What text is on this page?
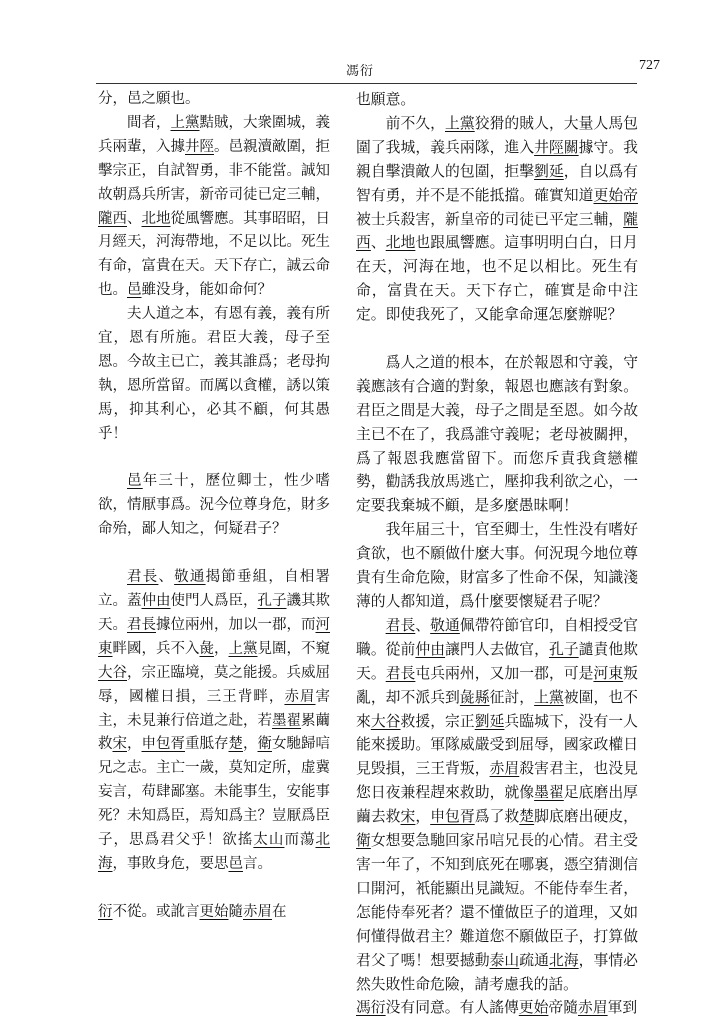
馮衍	727

分，邑之願也。

間者，上黨黠賊，大衆圍城，義兵兩輩，入據井陘。邑親瀆敵圍，拒擊宗正，自試智勇，非不能當。誠知故朝爲兵所害，新帝司徒已定三輔，隴西、北地從風響應。其事昭昭，日月經天，河海帶地，不足以比。死生有命，富貴在天。天下存亡，誠云命也。邑雖没身，能如命何？

夫人道之本，有恩有義，義有所宜，恩有所施。君臣大義，母子至恩。今故主已亡，義其誰爲；老母拘執，恩所當留。而厲以貪權，誘以策馬，抑其利心，必其不顧，何其愚乎！

邑年三十，歷位卿士，性少嗜欲，情厭事爲。況今位尊身危，財多命殆，鄙人知之，何疑君子？

君長、敬通揭節垂組，自相署立。蓋仲由使門人爲臣，孔子譏其欺天。君長據位兩州，加以一郡，而河東畔國，兵不入彘，上黨見圍，不窺大谷，宗正臨境，莫之能援。兵威屈辱，國權日損，三王背畔，赤眉害主，未見兼行倍道之赴，若墨翟累繭救宋，申包胥重胝存楚，衛女馳歸唁兄之志。主亡一歲，莫知定所，虚冀妄言，苟肆鄙塞。未能事生，安能事死？未知爲臣，焉知爲主？豈厭爲臣子，思爲君父乎！欲搖太山而蕩北海，事敗身危，要思邑言。

衍不從。或訛言更始隨赤眉在

也願意。

前不久，上黨狡猾的賊人，大量人馬包圍了我城，義兵兩隊，進入井陘關據守。我親自擊潰敵人的包圍，拒擊劉延，自以爲有智有勇，并不是不能抵擋。確實知道更始帝被士兵殺害，新皇帝的司徒已平定三輔，隴西、北地也跟風響應。這事明明白白，日月在天，河海在地，也不足以相比。死生有命，富貴在天。天下存亡，確實是命中注定。即使我死了，又能拿命運怎麼辦呢？

爲人之道的根本，在於報恩和守義，守義應該有合適的對象，報恩也應該有對象。君臣之間是大義，母子之間是至恩。如今故主已不在了，我爲誰守義呢；老母被關押，爲了報恩我應當留下。而您斥責我貪戀權勢，勸誘我放馬逃亡，壓抑我利欲之心，一定要我棄城不顧，是多麼愚昧啊！

我年届三十，官至卿士，生性没有嗜好貪欲，也不願做什麼大事。何況現今地位尊貴有生命危險，財富多了性命不保，知識淺薄的人都知道，爲什麼要懷疑君子呢？

君長、敬通佩帶符節官印，自相授受官職。從前仲由讓門人去做官，孔子譴責他欺天。君長屯兵兩州，又加一郡，可是河東叛亂，却不派兵到彘縣征討，上黨被圍，也不來大谷救援，宗正劉延兵臨城下，没有一人能來援助。軍隊威嚴受到屈辱，國家政權日見毁損，三王背叛，赤眉殺害君主，也没見您日夜兼程趕來救助，就像墨翟足底磨出厚繭去救宋，申包胥爲了救楚脚底磨出硬皮，衛女想要急馳回家吊唁兄長的心情。君主受害一年了，不知到底死在哪裏，憑空猜測信口開河，衹能顯出見識短。不能侍奉生者，怎能侍奉死者？還不懂做臣子的道理，又如何懂得做君主？難道您不願做臣子，打算做君父了嗎！想要撼動泰山疏通北海，事情必然失敗性命危險，請考慮我的話。

馮衍没有同意。有人謠傳更始帝隨赤眉軍到
